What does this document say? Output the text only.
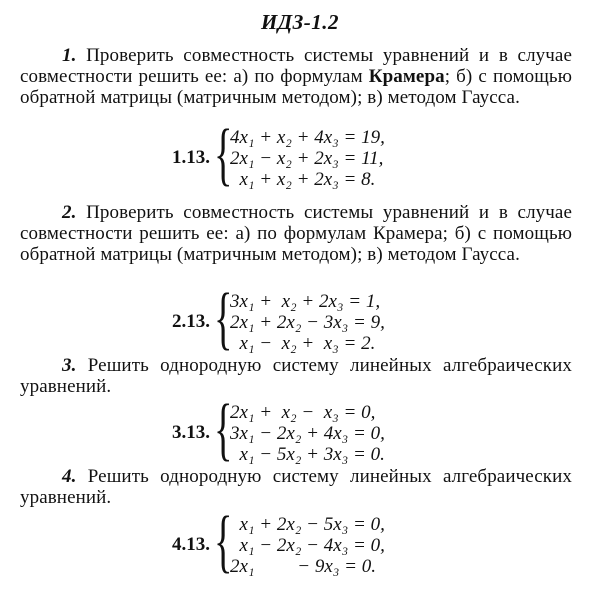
ИДЗ-1.2
1. Проверить совместность системы уравнений и в случае совместности решить ее: а) по формулам Крамера; б) с помощью обратной матрицы (матричным методом); в) методом Гаусса.
1.13. {
4x₁ + x₂ + 4x₃ = 19,
2x₁ − x₂ + 2x₃ = 11,
x₁ + x₂ + 2x₃ = 8.
2. Проверить совместность системы уравнений и в случае совместности решить ее: а) по формулам Крамера; б) с помощью обратной матрицы (матричным методом); в) методом Гаусса.
2.13. {
3x₁ +  x₂ + 2x₃ = 1,
2x₁ + 2x₂ − 3x₃ = 9,
x₁ −  x₂ +  x₃ = 2.
3. Решить однородную систему линейных алгебраических уравнений.
3.13. {
2x₁ +  x₂ −  x₃ = 0,
3x₁ − 2x₂ + 4x₃ = 0,
x₁ − 5x₂ + 3x₃ = 0.
4. Решить однородную систему линейных алгебраических уравнений.
4.13. {
x₁ + 2x₂ − 5x₃ = 0,
x₁ − 2x₂ − 4x₃ = 0,
2x₁         − 9x₃ = 0.
